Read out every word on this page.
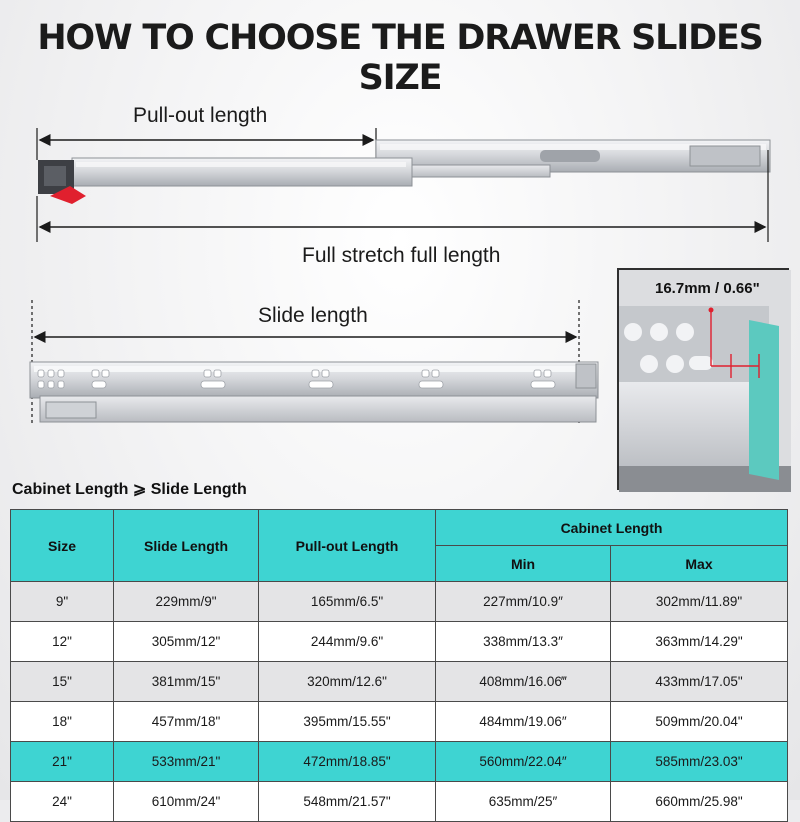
HOW TO CHOOSE THE DRAWER SLIDES SIZE
Pull-out length
Full stretch full length
Slide length
16.7mm / 0.66"
Cabinet Length ⩾ Slide Length
Size	Slide Length	Pull-out Length	Cabinet Length	
			Min	Max
9"	229mm/9"	165mm/6.5"	227mm/10.9″	302mm/11.89"
12"	305mm/12"	244mm/9.6"	338mm/13.3″	363mm/14.29"
15"	381mm/15"	320mm/12.6"	408mm/16.06‴	433mm/17.05"
18"	457mm/18"	395mm/15.55"	484mm/19.06″	509mm/20.04"
21"	533mm/21"	472mm/18.85"	560mm/22.04″	585mm/23.03"
24"	610mm/24"	548mm/21.57"	635mm/25″	660mm/25.98"
